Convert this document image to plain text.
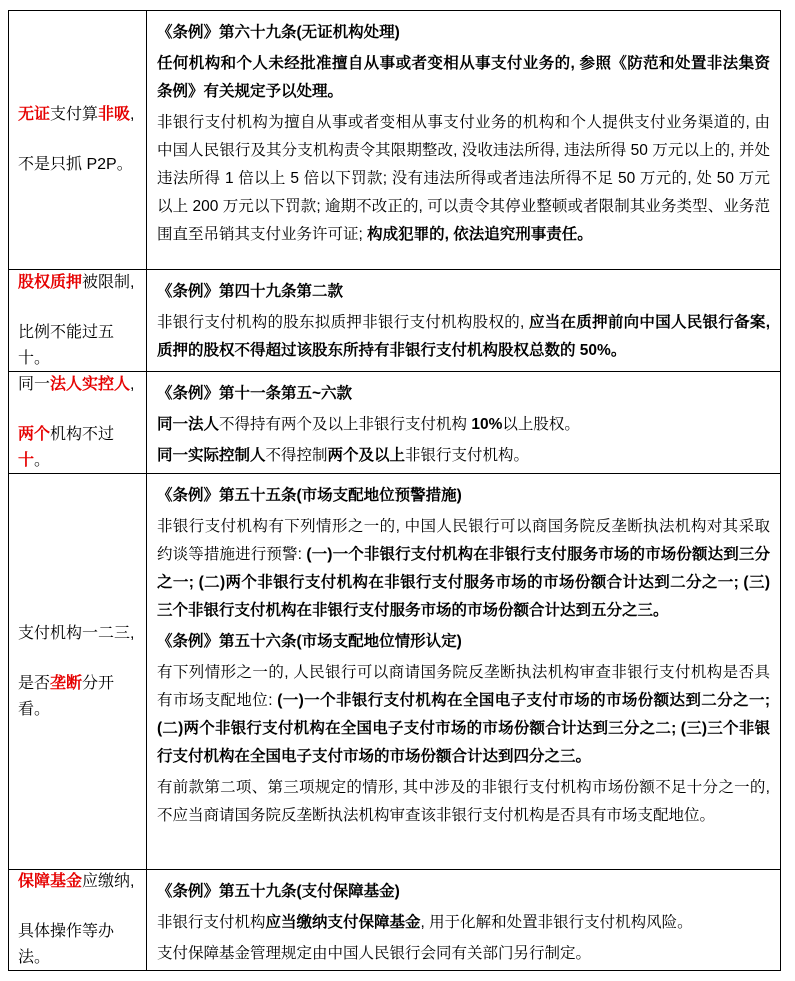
无证支付算非吸,
不是只抓 P2P。
《条例》第六十九条(无证机构处理)
任何机构和个人未经批准擅自从事或者变相从事支付业务的, 参照《防范和处置非法集资条例》有关规定予以处理。
非银行支付机构为擅自从事或者变相从事支付业务的机构和个人提供支付业务渠道的, 由中国人民银行及其分支机构责令其限期整改, 没收违法所得, 违法所得 50 万元以上的, 并处违法所得 1 倍以上 5 倍以下罚款; 没有违法所得或者违法所得不足 50 万元的, 处 50 万元以上 200 万元以下罚款; 逾期不改正的, 可以责令其停业整顿或者限制其业务类型、业务范围直至吊销其支付业务许可证; 构成犯罪的, 依法追究刑事责任。
股权质押被限制,
比例不能过五十。
《条例》第四十九条第二款
非银行支付机构的股东拟质押非银行支付机构股权的, 应当在质押前向中国人民银行备案, 质押的股权不得超过该股东所持有非银行支付机构股权总数的 50%。
同一法人实控人,
两个机构不过十。
《条例》第十一条第五~六款
同一法人不得持有两个及以上非银行支付机构 10%以上股权。
同一实际控制人不得控制两个及以上非银行支付机构。
支付机构一二三,
是否垄断分开看。
《条例》第五十五条(市场支配地位预警措施)
非银行支付机构有下列情形之一的, 中国人民银行可以商国务院反垄断执法机构对其采取约谈等措施进行预警: (一)一个非银行支付机构在非银行支付服务市场的市场份额达到三分之一; (二)两个非银行支付机构在非银行支付服务市场的市场份额合计达到二分之一; (三)三个非银行支付机构在非银行支付服务市场的市场份额合计达到五分之三。
《条例》第五十六条(市场支配地位情形认定)
有下列情形之一的, 人民银行可以商请国务院反垄断执法机构审查非银行支付机构是否具有市场支配地位: (一)一个非银行支付机构在全国电子支付市场的市场份额达到二分之一; (二)两个非银行支付机构在全国电子支付市场的市场份额合计达到三分之二; (三)三个非银行支付机构在全国电子支付市场的市场份额合计达到四分之三。
有前款第二项、第三项规定的情形, 其中涉及的非银行支付机构市场份额不足十分之一的, 不应当商请国务院反垄断执法机构审查该非银行支付机构是否具有市场支配地位。
保障基金应缴纳,
具体操作等办法。
《条例》第五十九条(支付保障基金)
非银行支付机构应当缴纳支付保障基金, 用于化解和处置非银行支付机构风险。
支付保障基金管理规定由中国人民银行会同有关部门另行制定。
